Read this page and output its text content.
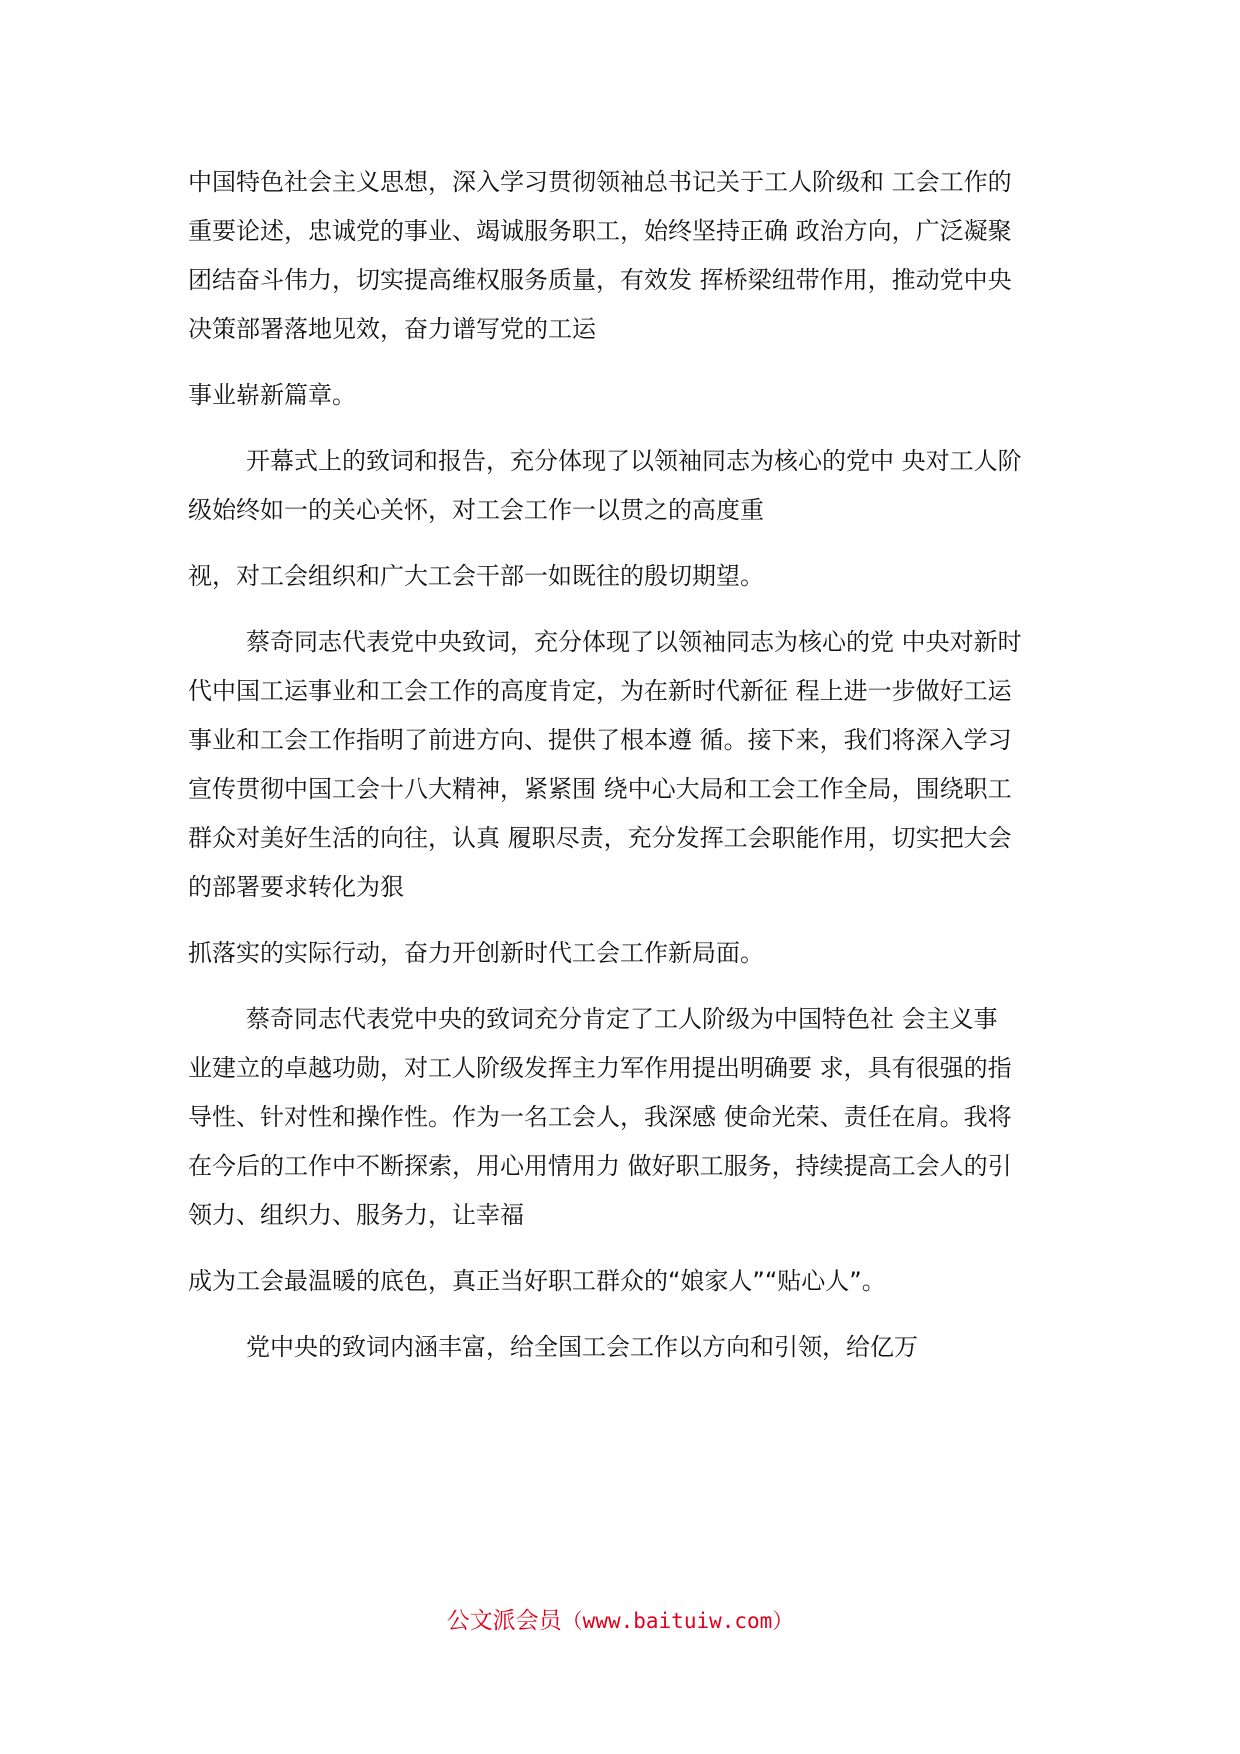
中国特色社会主义思想，深入学习贯彻领袖总书记关于工人阶级和 工会工作的
重要论述，忠诚党的事业、竭诚服务职工，始终坚持正确 政治方向，广泛凝聚
团结奋斗伟力，切实提高维权服务质量，有效发 挥桥梁纽带作用，推动党中央
决策部署落地见效，奋力谱写党的工运
事业崭新篇章。
开幕式上的致词和报告，充分体现了以领袖同志为核心的党中 央对工人阶
级始终如一的关心关怀，对工会工作一以贯之的高度重
视，对工会组织和广大工会干部一如既往的殷切期望。
蔡奇同志代表党中央致词，充分体现了以领袖同志为核心的党 中央对新时
代中国工运事业和工会工作的高度肯定，为在新时代新征 程上进一步做好工运
事业和工会工作指明了前进方向、提供了根本遵 循。接下来，我们将深入学习
宣传贯彻中国工会十八大精神，紧紧围 绕中心大局和工会工作全局，围绕职工
群众对美好生活的向往，认真 履职尽责，充分发挥工会职能作用，切实把大会
的部署要求转化为狠
抓落实的实际行动，奋力开创新时代工会工作新局面。
蔡奇同志代表党中央的致词充分肯定了工人阶级为中国特色社 会主义事
业建立的卓越功勋，对工人阶级发挥主力军作用提出明确要 求，具有很强的指
导性、针对性和操作性。作为一名工会人，我深感 使命光荣、责任在肩。我将
在今后的工作中不断探索，用心用情用力 做好职工服务，持续提高工会人的引
领力、组织力、服务力，让幸福
成为工会最温暖的底色，真正当好职工群众的“娘家人”“贴心人”。
党中央的致词内涵丰富，给全国工会工作以方向和引领，给亿万
公文派会员（www.baituiw.com）
